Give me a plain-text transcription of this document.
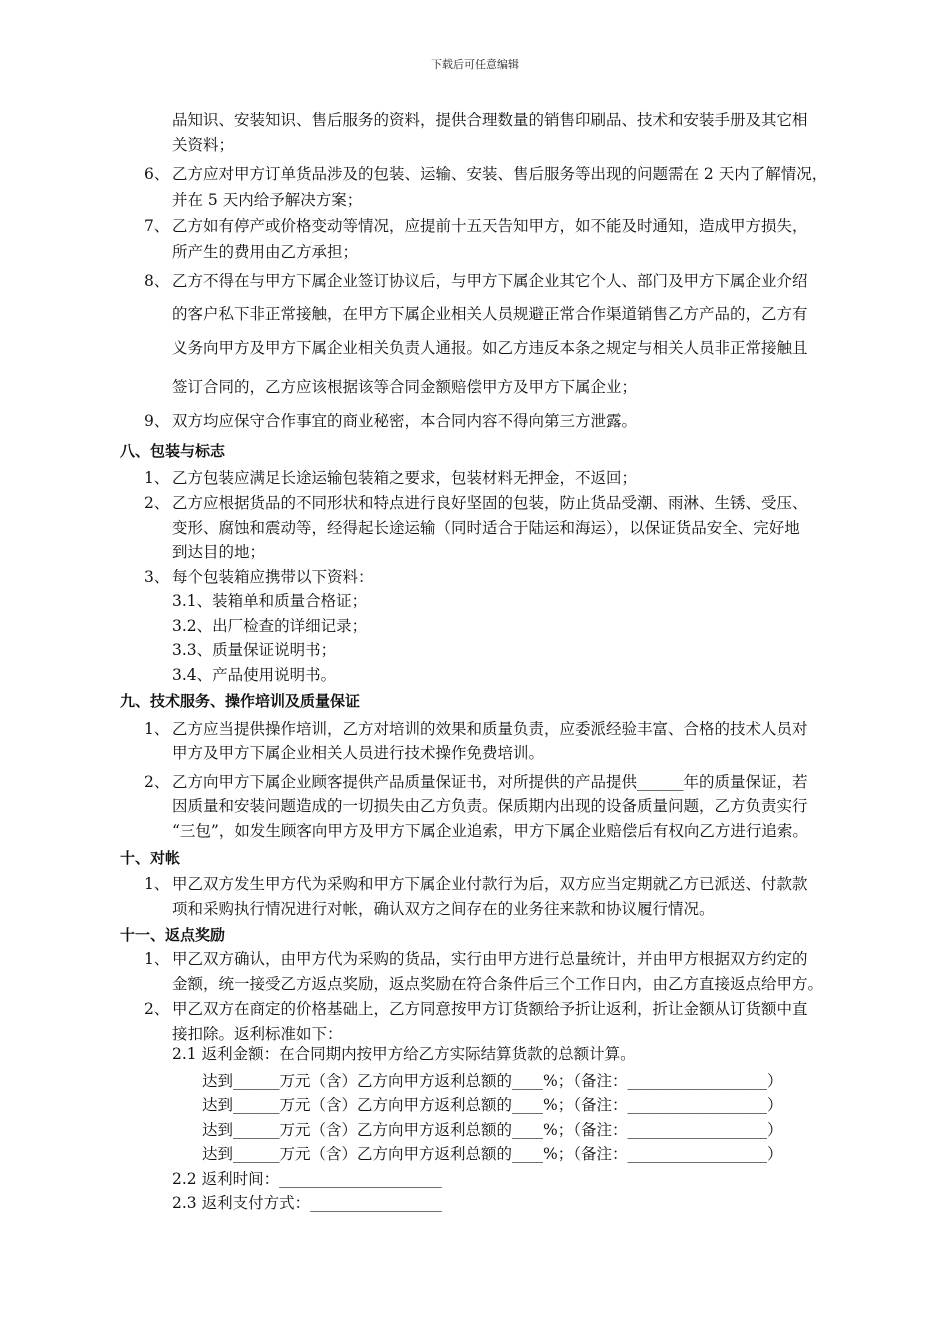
下载后可任意编辑
品知识、安装知识、售后服务的资料，提供合理数量的销售印刷品、技术和安装手册及其它相
关资料；
6、 乙方应对甲方订单货品涉及的包装、运输、安装、售后服务等出现的问题需在 2 天内了解情况，
并在 5 天内给予解决方案；
7、 乙方如有停产或价格变动等情况，应提前十五天告知甲方，如不能及时通知，造成甲方损失，
所产生的费用由乙方承担；
8、 乙方不得在与甲方下属企业签订协议后，与甲方下属企业其它个人、部门及甲方下属企业介绍
的客户私下非正常接触，在甲方下属企业相关人员规避正常合作渠道销售乙方产品的，乙方有
义务向甲方及甲方下属企业相关负责人通报。如乙方违反本条之规定与相关人员非正常接触且
签订合同的，乙方应该根据该等合同金额赔偿甲方及甲方下属企业；
9、 双方均应保守合作事宜的商业秘密，本合同内容不得向第三方泄露。
八、包装与标志
1、 乙方包装应满足长途运输包装箱之要求，包装材料无押金，不返回；
2、 乙方应根据货品的不同形状和特点进行良好坚固的包装，防止货品受潮、雨淋、生锈、受压、
变形、腐蚀和震动等，经得起长途运输（同时适合于陆运和海运），以保证货品安全、完好地
到达目的地；
3、 每个包装箱应携带以下资料：
3.1、装箱单和质量合格证；
3.2、出厂检查的详细记录；
3.3、质量保证说明书；
3.4、产品使用说明书。
九、技术服务、操作培训及质量保证
1、 乙方应当提供操作培训，乙方对培训的效果和质量负责，应委派经验丰富、合格的技术人员对
甲方及甲方下属企业相关人员进行技术操作免费培训。
2、 乙方向甲方下属企业顾客提供产品质量保证书，对所提供的产品提供______年的质量保证，若
因质量和安装问题造成的一切损失由乙方负责。保质期内出现的设备质量问题，乙方负责实行
“三包”，如发生顾客向甲方及甲方下属企业追索，甲方下属企业赔偿后有权向乙方进行追索。
十、对帐
1、 甲乙双方发生甲方代为采购和甲方下属企业付款行为后，双方应当定期就乙方已派送、付款款
项和采购执行情况进行对帐，确认双方之间存在的业务往来款和协议履行情况。
十一、返点奖励
1、 甲乙双方确认，由甲方代为采购的货品，实行由甲方进行总量统计，并由甲方根据双方约定的
金额，统一接受乙方返点奖励，返点奖励在符合条件后三个工作日内，由乙方直接返点给甲方。
2、 甲乙双方在商定的价格基础上，乙方同意按甲方订货额给予折让返利，折让金额从订货额中直
接扣除。返利标准如下：
2.1 返利金额：在合同期内按甲方给乙方实际结算货款的总额计算。
达到______万元（含）乙方向甲方返利总额的____%；（备注：__________________）
达到______万元（含）乙方向甲方返利总额的____%；（备注：__________________）
达到______万元（含）乙方向甲方返利总额的____%；（备注：__________________）
达到______万元（含）乙方向甲方返利总额的____%；（备注：__________________）
2.2 返利时间：_____________________
2.3 返利支付方式：_________________
